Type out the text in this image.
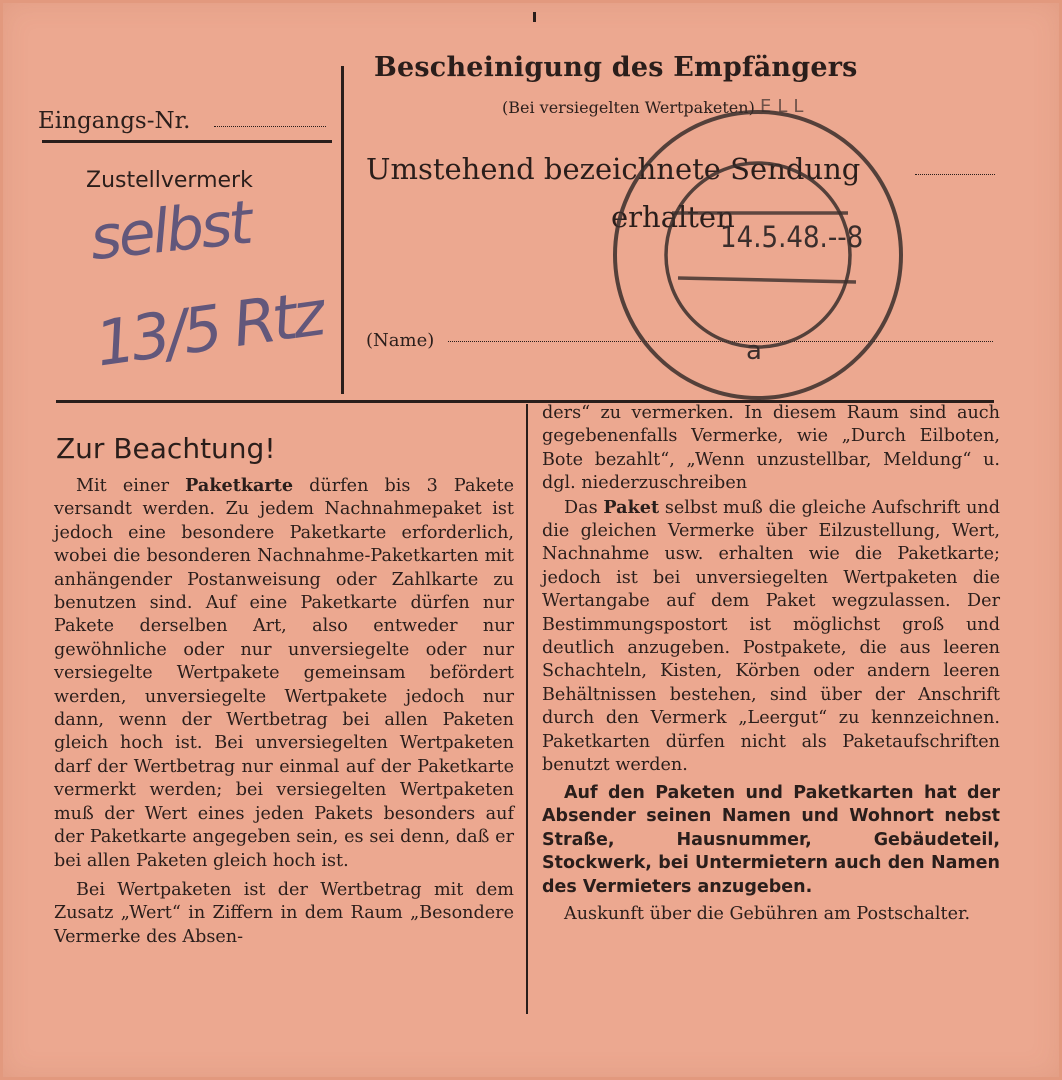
Eingangs-Nr.
Zustellvermerk
selbst
13/5 Rtz
Bescheinigung des Empfängers
(Bei versiegelten Wertpaketen)
Umstehend bezeichnete Sendung
erhalten
(Name)
ELL
14.5.48.--8
a
Zur Beachtung!

Mit einer Paketkarte dürfen bis 3 Pakete versandt werden. Zu jedem Nachnahmepaket ist jedoch eine besondere Paketkarte erforderlich, wobei die besonderen Nachnahme-Paketkarten mit anhängender Postanweisung oder Zahlkarte zu benutzen sind. Auf eine Paketkarte dürfen nur Pakete derselben Art, also entweder nur gewöhnliche oder nur unversiegelte oder nur versiegelte Wertpakete gemeinsam befördert werden, unversiegelte Wertpakete jedoch nur dann, wenn der Wertbetrag bei allen Paketen gleich hoch ist. Bei unversiegelten Wertpaketen darf der Wertbetrag nur einmal auf der Paketkarte vermerkt werden; bei versiegelten Wertpaketen muß der Wert eines jeden Pakets besonders auf der Paketkarte angegeben sein, es sei denn, daß er bei allen Paketen gleich hoch ist.

Bei Wertpaketen ist der Wertbetrag mit dem Zusatz „Wert“ in Ziffern in dem Raum „Besondere Vermerke des Absen-

ders“ zu vermerken. In diesem Raum sind auch gegebenenfalls Vermerke, wie „Durch Eilboten, Bote bezahlt“, „Wenn unzustellbar, Meldung“ u. dgl. niederzuschreiben

Das Paket selbst muß die gleiche Aufschrift und die gleichen Vermerke über Eilzustellung, Wert, Nachnahme usw. erhalten wie die Paketkarte; jedoch ist bei unversiegelten Wertpaketen die Wertangabe auf dem Paket wegzulassen. Der Bestimmungspostort ist möglichst groß und deutlich anzugeben. Postpakete, die aus leeren Schachteln, Kisten, Körben oder andern leeren Behältnissen bestehen, sind über der Anschrift durch den Vermerk „Leergut“ zu kennzeichnen. Paketkarten dürfen nicht als Paketaufschriften benutzt werden.

Auf den Paketen und Paketkarten hat der Absender seinen Namen und Wohnort nebst Straße, Hausnummer, Gebäudeteil, Stockwerk, bei Untermietern auch den Namen des Vermieters anzugeben.

Auskunft über die Gebühren am Postschalter.
